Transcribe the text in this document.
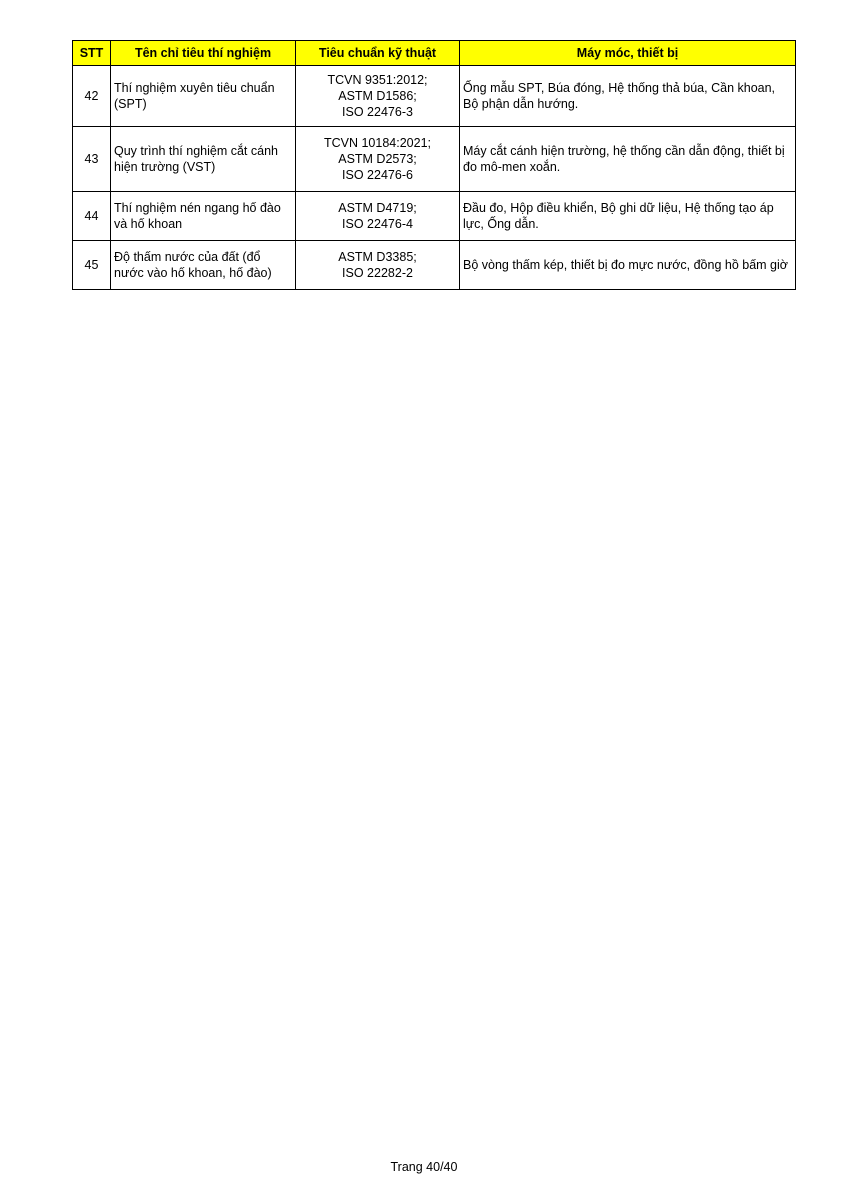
STT	Tên chỉ tiêu thí nghiệm	Tiêu chuẩn kỹ thuật	Máy móc, thiết bị
42	Thí nghiệm xuyên tiêu chuẩn (SPT)	TCVN 9351:2012;
ASTM D1586;
ISO 22476-3	Ống mẫu SPT, Búa đóng, Hệ thống thả búa, Cần khoan, Bộ phận dẫn hướng.
43	Quy trình thí nghiệm cắt cánh hiện trường (VST)	TCVN 10184:2021;
ASTM D2573;
ISO 22476-6	Máy cắt cánh hiện trường, hệ thống cần dẫn động, thiết bị đo mô-men xoắn.
44	Thí nghiệm nén ngang hố đào và hố khoan	ASTM D4719;
ISO 22476-4	Đầu đo, Hộp điều khiển, Bộ ghi dữ liệu, Hệ thống tạo áp lực, Ống dẫn.
45	Độ thấm nước của đất (đổ nước vào hố khoan, hố đào)	ASTM D3385;
ISO 22282-2	Bộ vòng thấm kép, thiết bị đo mực nước, đồng hồ bấm giờ
Trang 40/40
